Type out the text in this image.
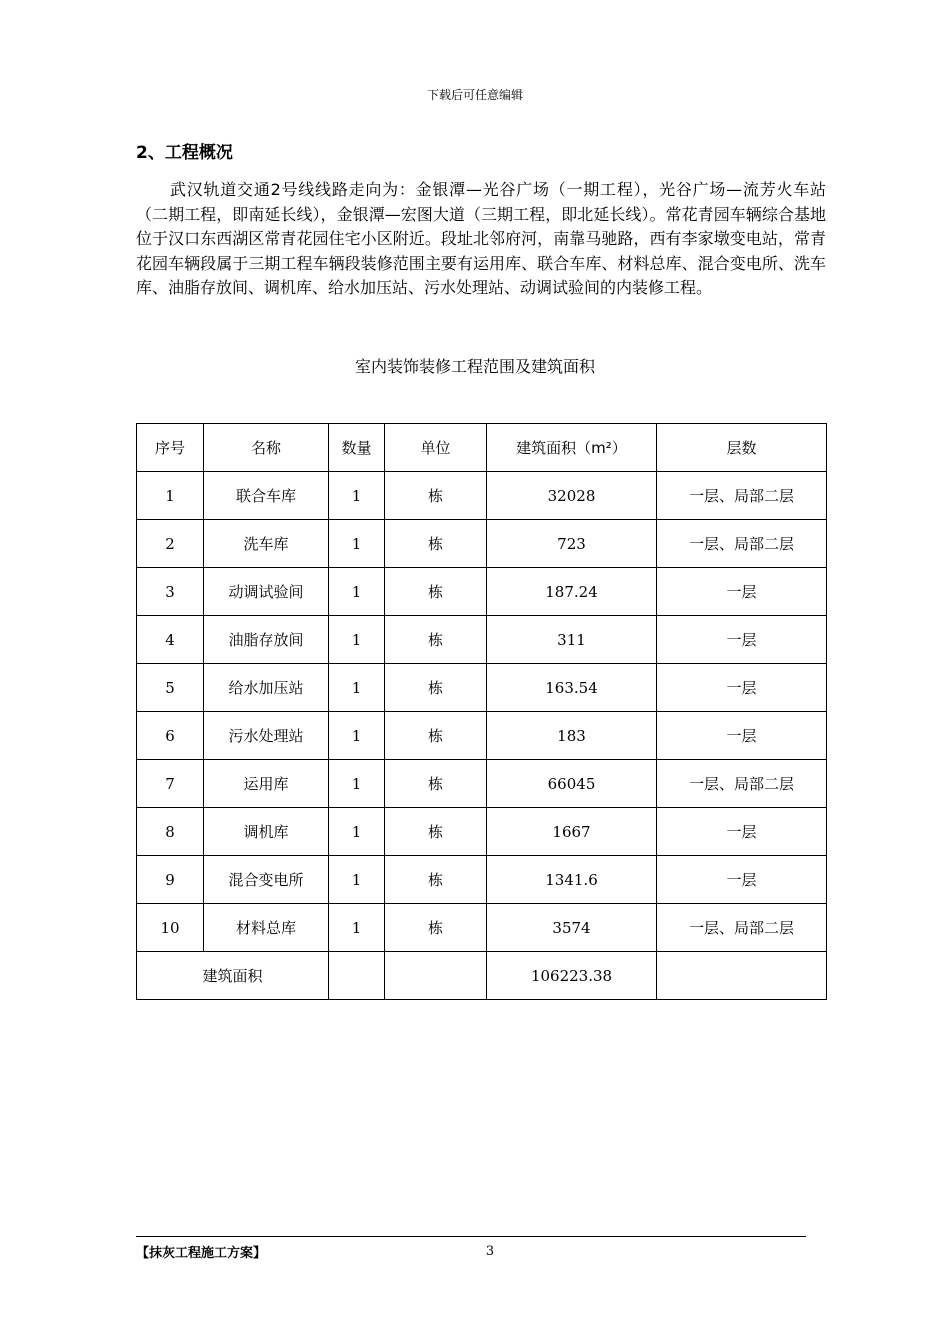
下载后可任意编辑
2、工程概况

武汉轨道交通2号线线路走向为：金银潭—光谷广场（一期工程），光谷广场—流芳火车站（二期工程，即南延长线），金银潭—宏图大道（三期工程，即北延长线）。常花青园车辆综合基地位于汉口东西湖区常青花园住宅小区附近。段址北邻府河，南靠马驰路，西有李家墩变电站，常青花园车辆段属于三期工程车辆段装修范围主要有运用库、联合车库、材料总库、混合变电所、洗车库、油脂存放间、调机库、给水加压站、污水处理站、动调试验间的内装修工程。

室内装饰装修工程范围及建筑面积
序号	名称	数量	单位	建筑面积（m²）	层数
1	联合车库	1	栋	32028	一层、局部二层
2	洗车库	1	栋	723	一层、局部二层
3	动调试验间	1	栋	187.24	一层
4	油脂存放间	1	栋	311	一层
5	给水加压站	1	栋	163.54	一层
6	污水处理站	1	栋	183	一层
7	运用库	1	栋	66045	一层、局部二层
8	调机库	1	栋	1667	一层
9	混合变电所	1	栋	1341.6	一层
10	材料总库	1	栋	3574	一层、局部二层
建筑面积				106223.38	
【抹灰工程施工方案】	3
